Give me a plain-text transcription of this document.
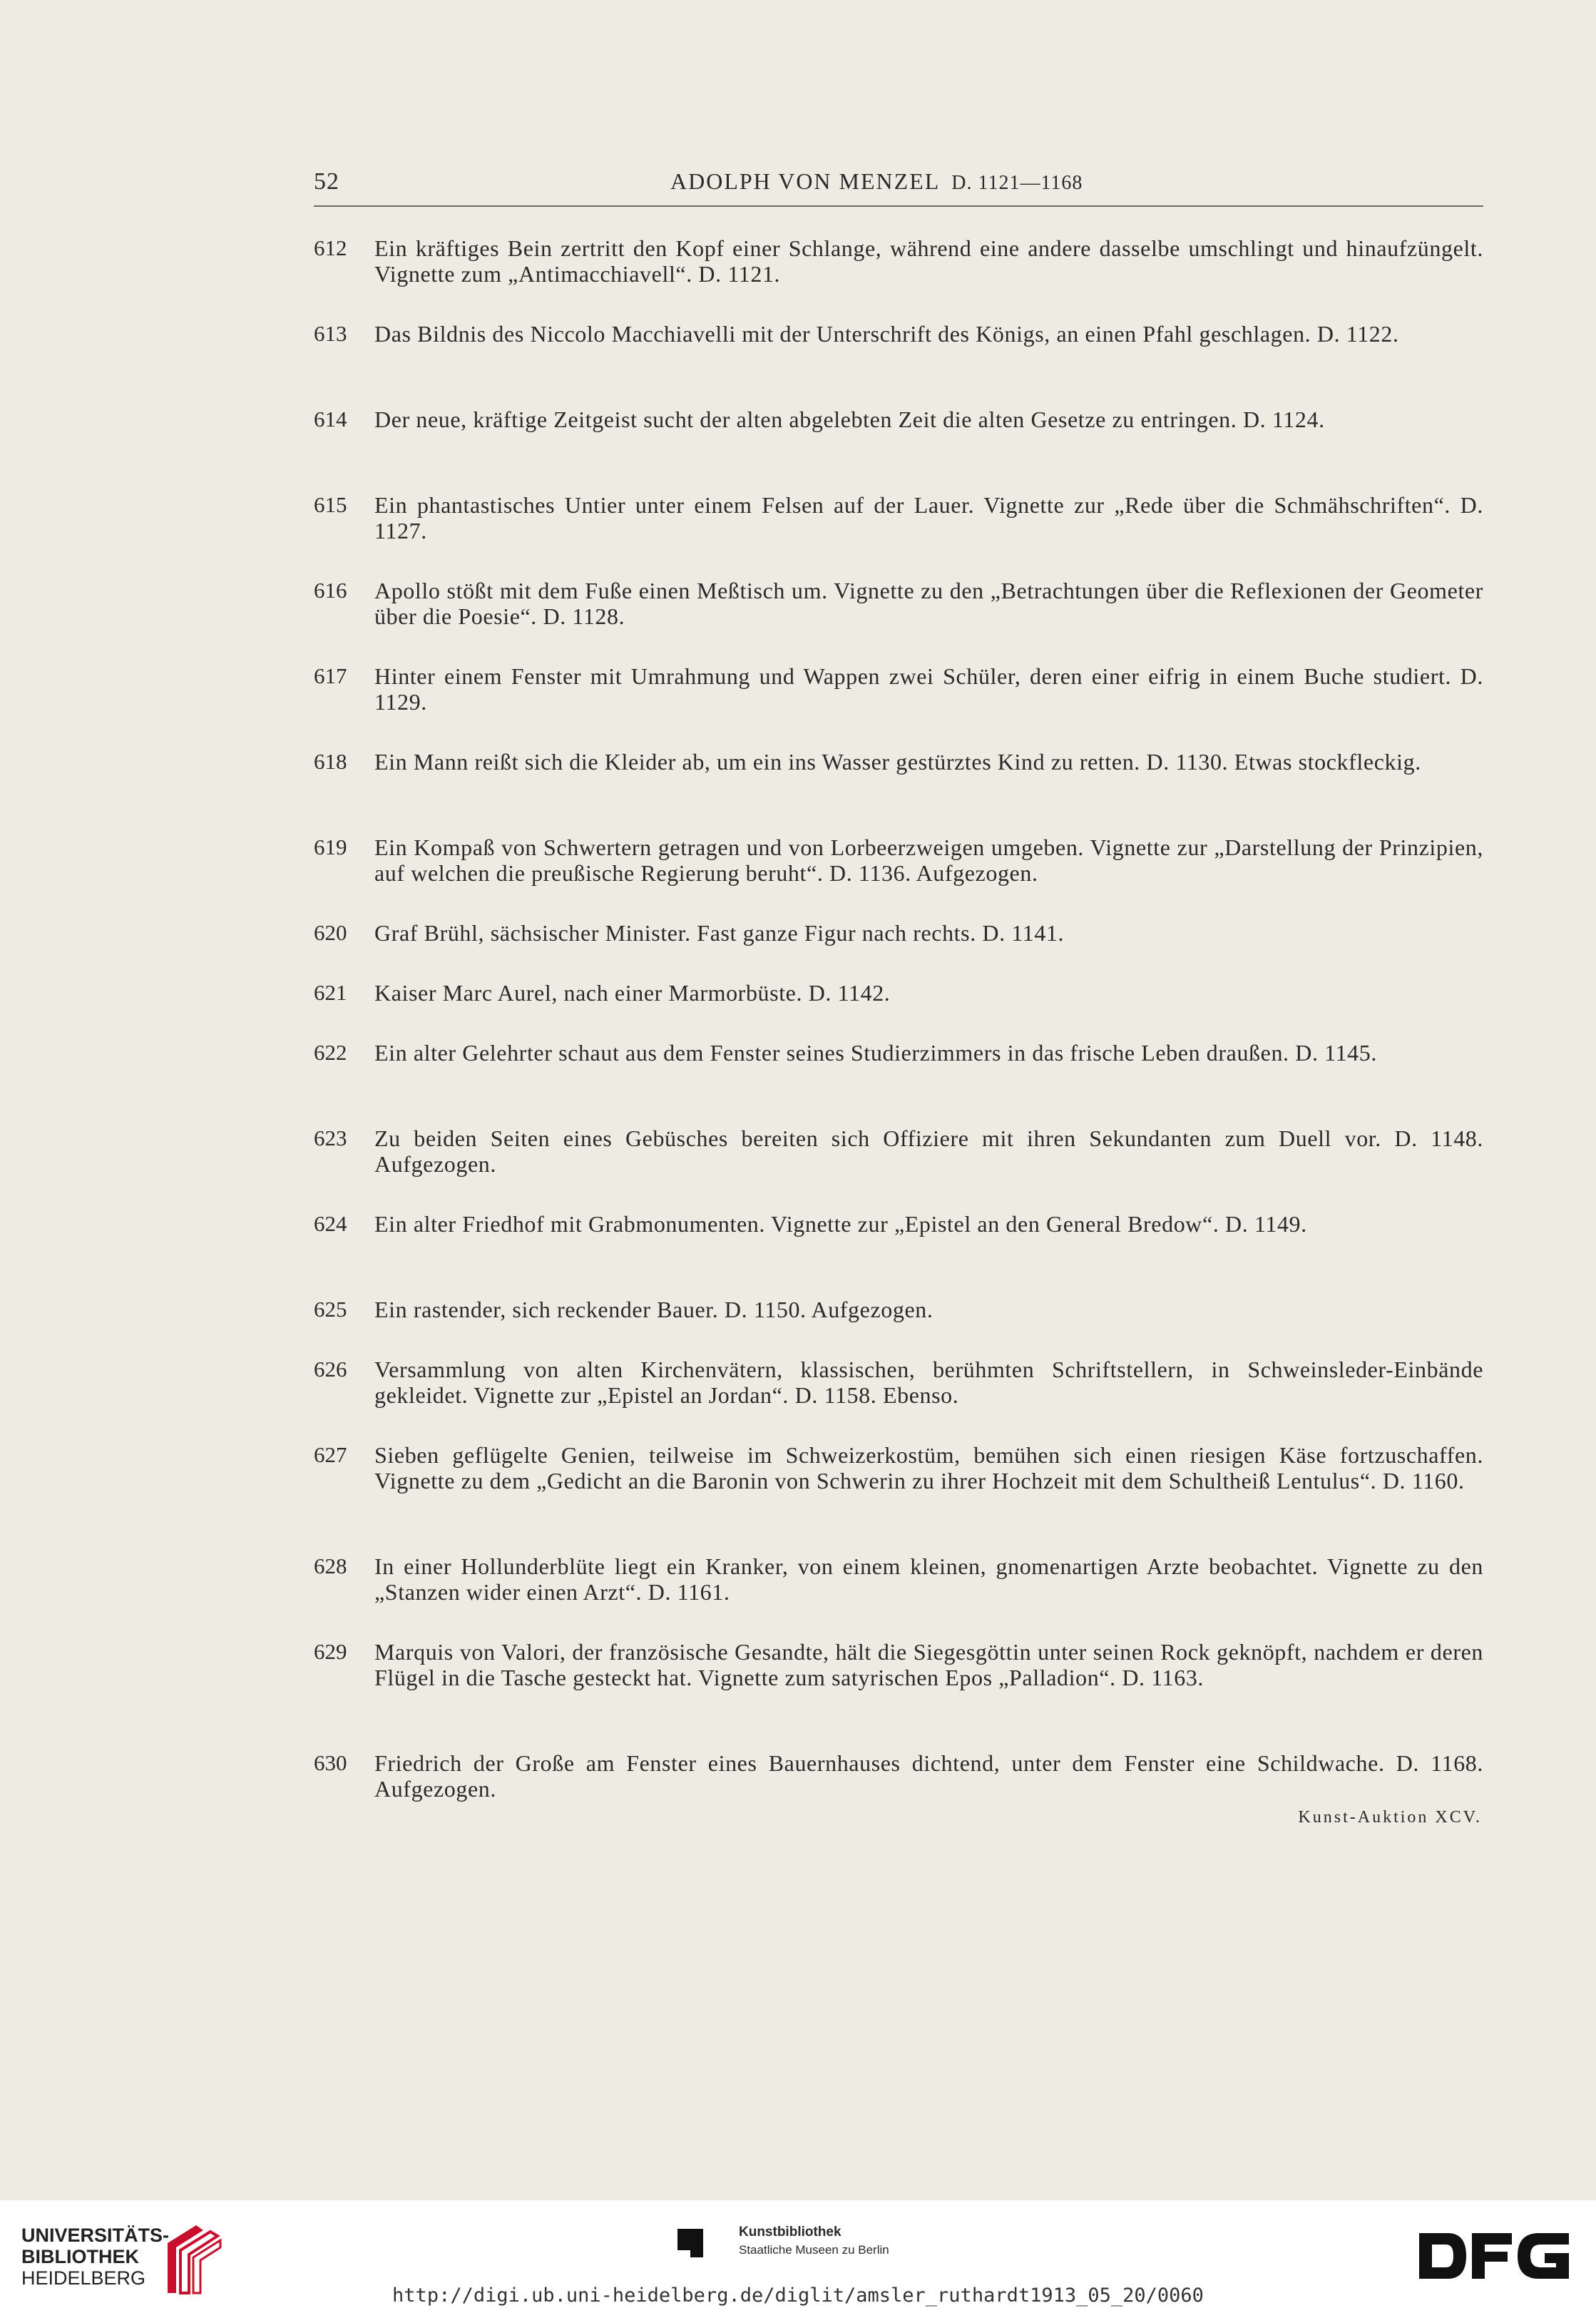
52	ADOLPH VON MENZEL D. 1121—1168
612 Ein kräftiges Bein zertritt den Kopf einer Schlange, während eine andere dasselbe umschlingt und hinaufzüngelt. Vignette zum „Antimacchiavell“. D. 1121.
613 Das Bildnis des Niccolo Macchiavelli mit der Unterschrift des Königs, an einen Pfahl geschlagen. D. 1122.
614 Der neue, kräftige Zeitgeist sucht der alten abgelebten Zeit die alten Gesetze zu entringen. D. 1124.
615 Ein phantastisches Untier unter einem Felsen auf der Lauer. Vignette zur „Rede über die Schmähschriften“. D. 1127.
616 Apollo stößt mit dem Fuße einen Meßtisch um. Vignette zu den „Betrachtungen über die Reflexionen der Geometer über die Poesie“. D. 1128.
617 Hinter einem Fenster mit Umrahmung und Wappen zwei Schüler, deren einer eifrig in einem Buche studiert. D. 1129.
618 Ein Mann reißt sich die Kleider ab, um ein ins Wasser gestürztes Kind zu retten. D. 1130. Etwas stockfleckig.
619 Ein Kompaß von Schwertern getragen und von Lorbeerzweigen umgeben. Vignette zur „Darstellung der Prinzipien, auf welchen die preußische Regierung beruht“. D. 1136. Aufgezogen.
620 Graf Brühl, sächsischer Minister. Fast ganze Figur nach rechts. D. 1141.
621 Kaiser Marc Aurel, nach einer Marmorbüste. D. 1142.
622 Ein alter Gelehrter schaut aus dem Fenster seines Studierzimmers in das frische Leben draußen. D. 1145.
623 Zu beiden Seiten eines Gebüsches bereiten sich Offiziere mit ihren Sekundanten zum Duell vor. D. 1148. Aufgezogen.
624 Ein alter Friedhof mit Grabmonumenten. Vignette zur „Epistel an den General Bredow“. D. 1149.
625 Ein rastender, sich reckender Bauer. D. 1150. Aufgezogen.
626 Versammlung von alten Kirchenvätern, klassischen, berühmten Schriftstellern, in Schweinsleder-Einbände gekleidet. Vignette zur „Epistel an Jordan“. D. 1158. Ebenso.
627 Sieben geflügelte Genien, teilweise im Schweizerkostüm, bemühen sich einen riesigen Käse fortzuschaffen. Vignette zu dem „Gedicht an die Baronin von Schwerin zu ihrer Hochzeit mit dem Schultheiß Lentulus“. D. 1160.
628 In einer Hollunderblüte liegt ein Kranker, von einem kleinen, gnomenartigen Arzte beobachtet. Vignette zu den „Stanzen wider einen Arzt“. D. 1161.
629 Marquis von Valori, der französische Gesandte, hält die Siegesgöttin unter seinen Rock geknöpft, nachdem er deren Flügel in die Tasche gesteckt hat. Vignette zum satyrischen Epos „Palladion“. D. 1163.
630 Friedrich der Große am Fenster eines Bauernhauses dichtend, unter dem Fenster eine Schildwache. D. 1168. Aufgezogen.
Kunst-Auktion XCV.
UNIVERSITÄTS-
BIBLIOTHEK
HEIDELBERG
Kunstbibliothek
Staatliche Museen zu Berlin
http://digi.ub.uni-heidelberg.de/diglit/amsler_ruthardt1913_05_20/0060
